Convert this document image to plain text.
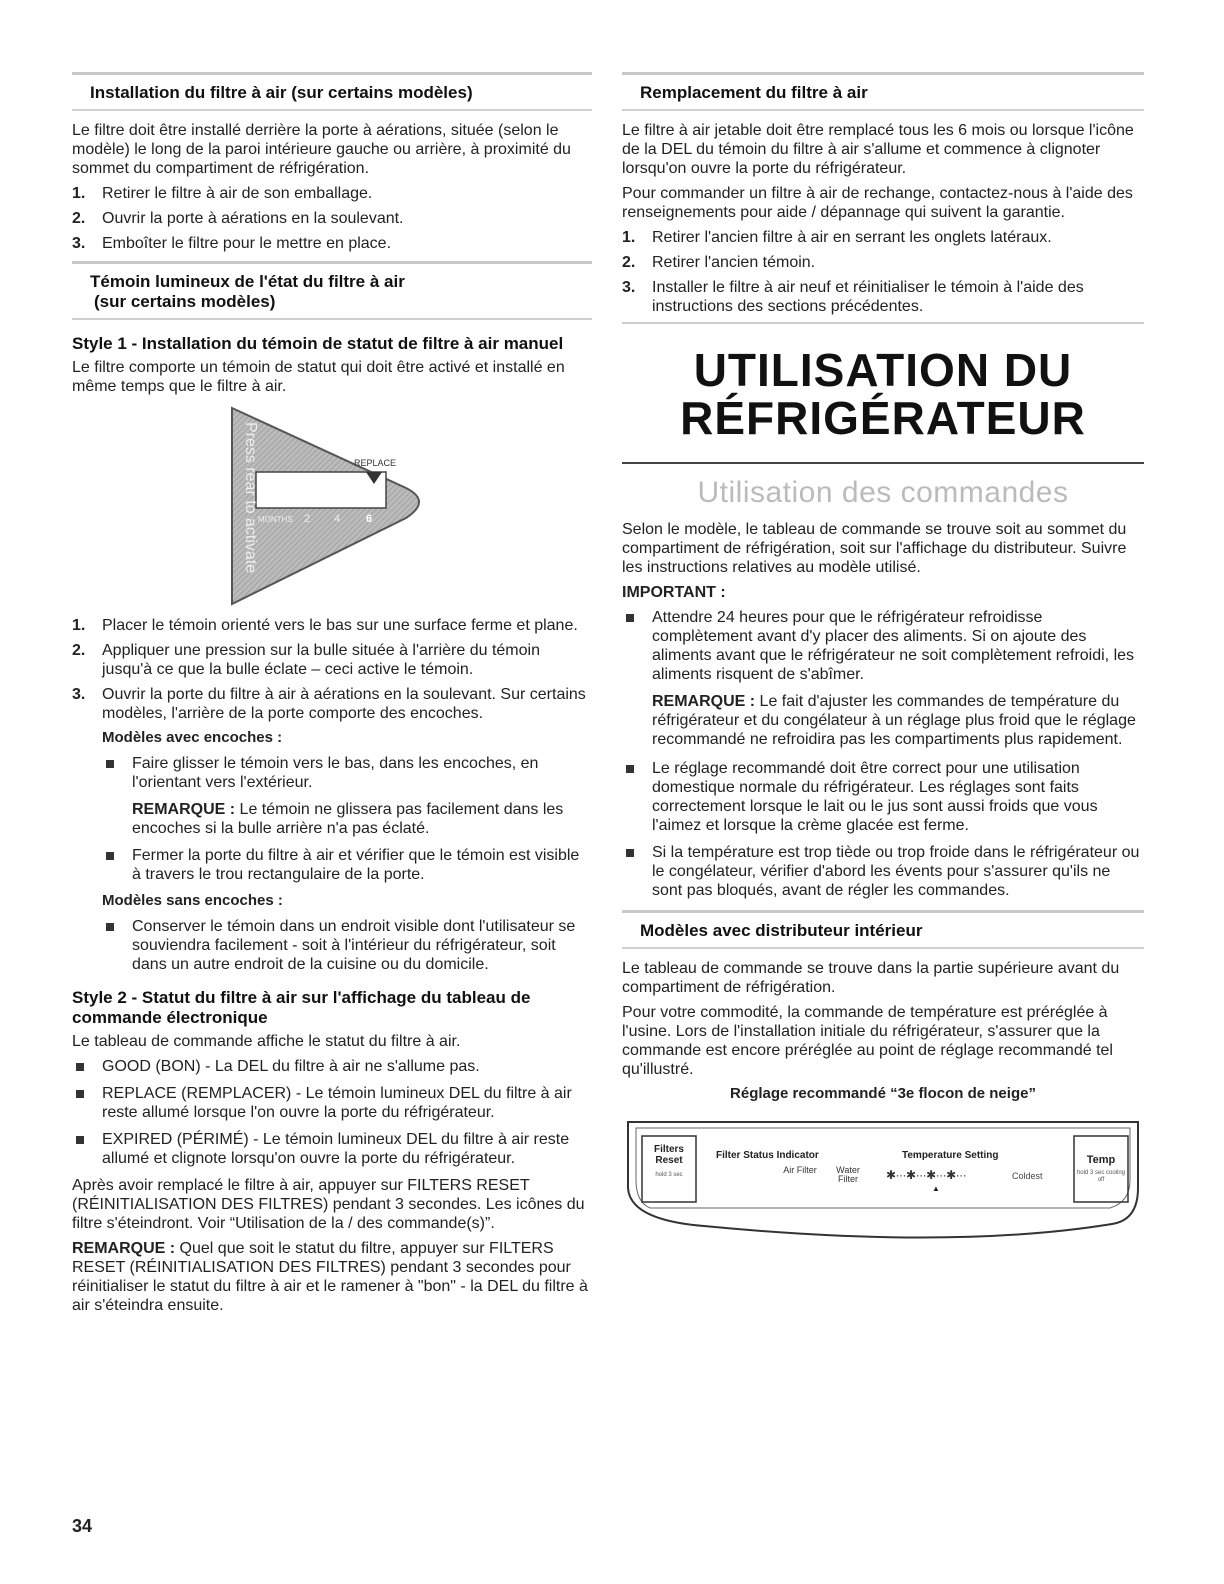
Installation du filtre à air (sur certains modèles)

Le filtre doit être installé derrière la porte à aérations, située (selon le modèle) le long de la paroi intérieure gauche ou arrière, à proximité du sommet du compartiment de réfrigération.

1. Retirer le filtre à air de son emballage.
2. Ouvrir la porte à aérations en la soulevant.
3. Emboîter le filtre pour le mettre en place.
Témoin lumineux de l'état du filtre à air
(sur certains modèles)
Style 1 - Installation du témoin de statut de filtre à air manuel

Le filtre comporte un témoin de statut qui doit être activé et installé en même temps que le filtre à air.

REPLACE
MONTHS 2 4 6
Press rear to activate
1. Placer le témoin orienté vers le bas sur une surface ferme et plane.
2. Appliquer une pression sur la bulle située à l'arrière du témoin jusqu'à ce que la bulle éclate – ceci active le témoin.
3. Ouvrir la porte du filtre à air à aérations en la soulevant. Sur certains modèles, l'arrière de la porte comporte des encoches.
Modèles avec encoches :
Faire glisser le témoin vers le bas, dans les encoches, en l'orientant vers l'extérieur.
REMARQUE : Le témoin ne glissera pas facilement dans les encoches si la bulle arrière n'a pas éclaté.
Fermer la porte du filtre à air et vérifier que le témoin est visible à travers le trou rectangulaire de la porte.
Modèles sans encoches :
Conserver le témoin dans un endroit visible dont l'utilisateur se souviendra facilement - soit à l'intérieur du réfrigérateur, soit dans un autre endroit de la cuisine ou du domicile.
Style 2 - Statut du filtre à air sur l'affichage du tableau de commande électronique

Le tableau de commande affiche le statut du filtre à air.

GOOD (BON) - La DEL du filtre à air ne s'allume pas.
REPLACE (REMPLACER) - Le témoin lumineux DEL du filtre à air reste allumé lorsque l'on ouvre la porte du réfrigérateur.
EXPIRED (PÉRIMÉ) - Le témoin lumineux DEL du filtre à air reste allumé et clignote lorsqu'on ouvre la porte du réfrigérateur.

Après avoir remplacé le filtre à air, appuyer sur FILTERS RESET (RÉINITIALISATION DES FILTRES) pendant 3 secondes. Les icônes du filtre s'éteindront. Voir “Utilisation de la / des commande(s)”.

REMARQUE : Quel que soit le statut du filtre, appuyer sur FILTERS RESET (RÉINITIALISATION DES FILTRES) pendant 3 secondes pour réinitialiser le statut du filtre à air et le ramener à "bon" - la DEL du filtre à air s'éteindra ensuite.

Remplacement du filtre à air

Le filtre à air jetable doit être remplacé tous les 6 mois ou lorsque l'icône de la DEL du témoin du filtre à air s'allume et commence à clignoter lorsqu'on ouvre la porte du réfrigérateur.

Pour commander un filtre à air de rechange, contactez-nous à l'aide des renseignements pour aide / dépannage qui suivent la garantie.

1. Retirer l'ancien filtre à air en serrant les onglets latéraux.
2. Retirer l'ancien témoin.
3. Installer le filtre à air neuf et réinitialiser le témoin à l'aide des instructions des sections précédentes.
UTILISATION DU
RÉFRIGÉRATEUR
Utilisation des commandes

Selon le modèle, le tableau de commande se trouve soit au sommet du compartiment de réfrigération, soit sur l'affichage du distributeur. Suivre les instructions relatives au modèle utilisé.

IMPORTANT :

Attendre 24 heures pour que le réfrigérateur refroidisse complètement avant d'y placer des aliments. Si on ajoute des aliments avant que le réfrigérateur ne soit complètement refroidi, les aliments risquent de s'abîmer.
REMARQUE : Le fait d'ajuster les commandes de température du réfrigérateur et du congélateur à un réglage plus froid que le réglage recommandé ne refroidira pas les compartiments plus rapidement.
Le réglage recommandé doit être correct pour une utilisation domestique normale du réfrigérateur. Les réglages sont faits correctement lorsque le lait ou le jus sont aussi froids que vous l'aimez et lorsque la crème glacée est ferme.
Si la température est trop tiède ou trop froide dans le réfrigérateur ou le congélateur, vérifier d'abord les évents pour s'assurer qu'ils ne sont pas bloqués, avant de régler les commandes.
Modèles avec distributeur intérieur

Le tableau de commande se trouve dans la partie supérieure avant du compartiment de réfrigération.

Pour votre commodité, la commande de température est préréglée à l'usine. Lors de l'installation initiale du réfrigérateur, s'assurer que la commande est encore préréglée au point de réglage recommandé tel qu'illustré.

Réglage recommandé “3e flocon de neige”
Filters Reset
hold 3 sec
Filter Status Indicator
Air Filter	Water Filter
Temperature Setting
✱···✱···✱···✱···	Coldest
▲
Temp
hold 3 sec cooling off
34
